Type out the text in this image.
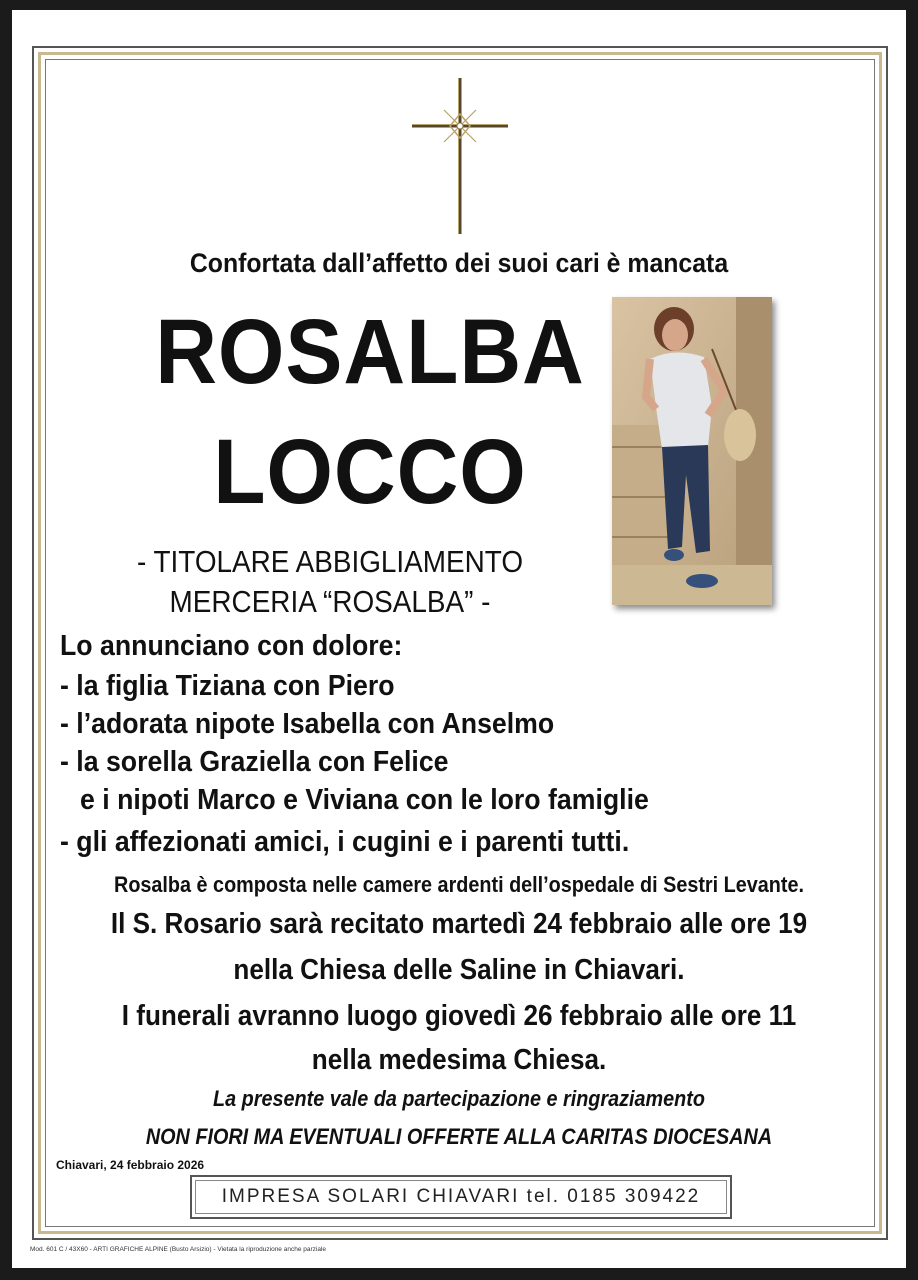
Confortata dall’affetto dei suoi cari è mancata
ROSALBA
LOCCO
- TITOLARE ABBIGLIAMENTO
MERCERIA “ROSALBA” -
Lo annunciano con dolore:
- la figlia Tiziana con Piero
- l’adorata nipote Isabella con Anselmo
- la sorella Graziella con Felice
e i nipoti Marco e Viviana con le loro famiglie
- gli affezionati amici, i cugini e i parenti tutti.
Rosalba è composta nelle camere ardenti dell’ospedale di Sestri Levante.
Il S. Rosario sarà recitato martedì 24 febbraio alle ore 19
nella Chiesa delle Saline in Chiavari.
I funerali avranno luogo giovedì 26 febbraio alle ore 11
nella medesima Chiesa.
La presente vale da partecipazione e ringraziamento
NON FIORI MA EVENTUALI OFFERTE ALLA CARITAS DIOCESANA
Chiavari, 24 febbraio 2026
IMPRESA SOLARI CHIAVARI tel. 0185 309422
Mod. 601 C / 43X60 - ARTI GRAFICHE ALPINE (Busto Arsizio) - Vietata la riproduzione anche parziale
